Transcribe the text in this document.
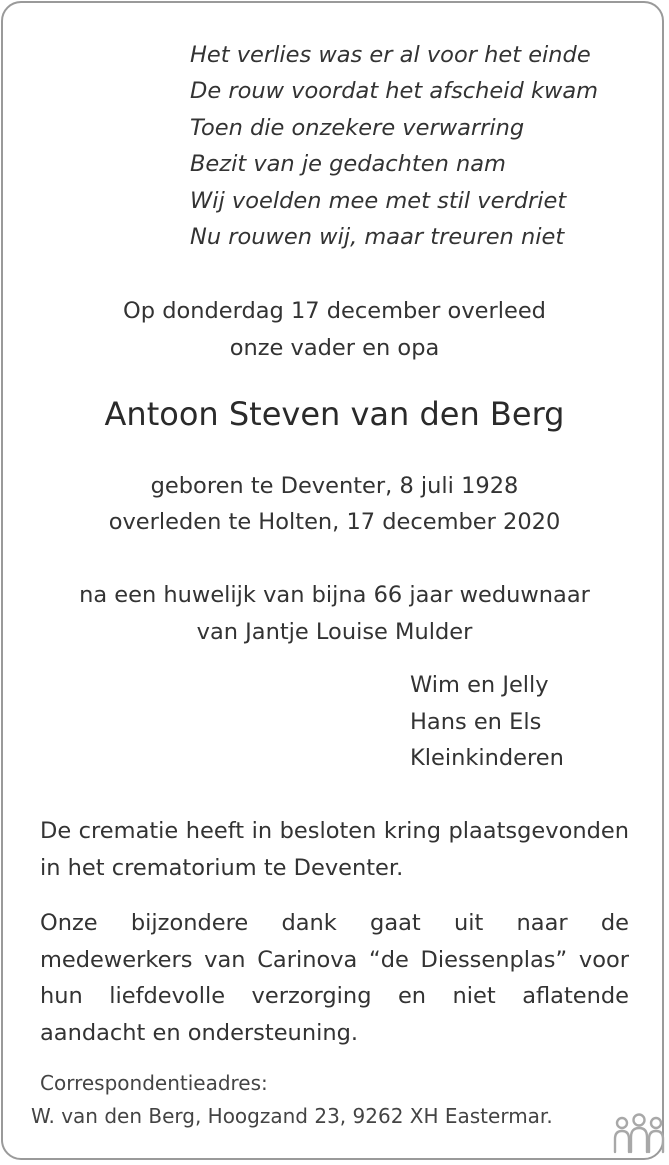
Het verlies was er al voor het einde
De rouw voordat het afscheid kwam
Toen die onzekere verwarring
Bezit van je gedachten nam
Wij voelden mee met stil verdriet
Nu rouwen wij, maar treuren niet
Op donderdag 17 december overleed
onze vader en opa
Antoon Steven van den Berg
geboren te Deventer, 8 juli 1928
overleden te Holten, 17 december 2020
na een huwelijk van bijna 66 jaar weduwnaar
van Jantje Louise Mulder
Wim en Jelly
Hans en Els
Kleinkinderen
De crematie heeft in besloten kring plaatsgevonden in het crematorium te Deventer.
Onze bijzondere dank gaat uit naar de medewerkers van Carinova “de Diessenplas” voor hun liefdevolle verzorging en niet aflatende aandacht en ondersteuning.
Correspondentieadres:
W. van den Berg, Hoogzand 23, 9262 XH Eastermar.
